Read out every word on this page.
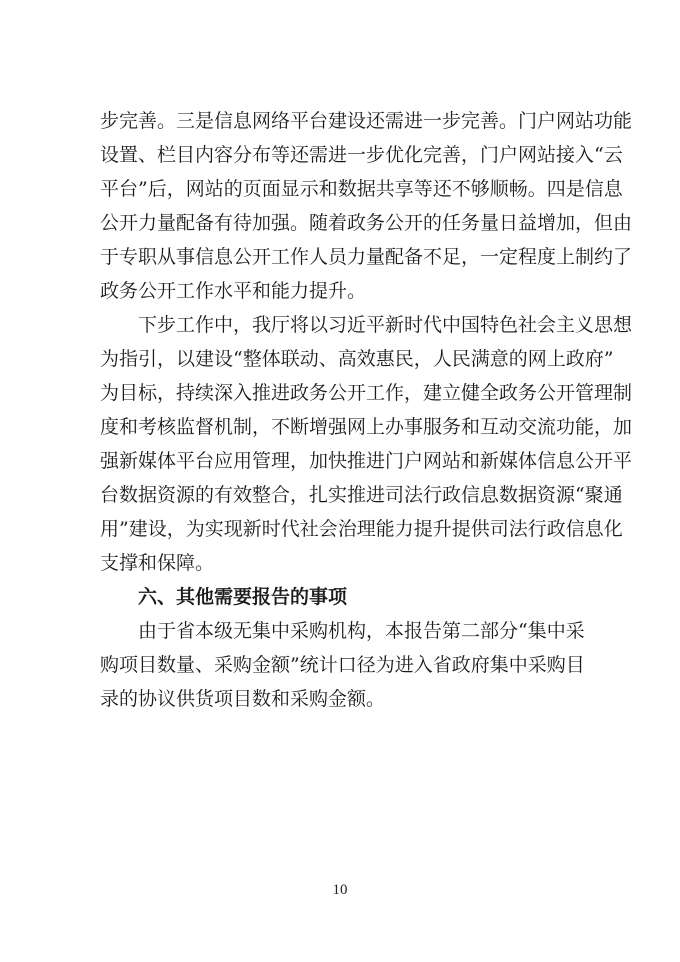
步完善。三是信息网络平台建设还需进一步完善。门户网站功能
设置、栏目内容分布等还需进一步优化完善，门户网站接入“云
平台”后，网站的页面显示和数据共享等还不够顺畅。四是信息
公开力量配备有待加强。随着政务公开的任务量日益增加，但由
于专职从事信息公开工作人员力量配备不足，一定程度上制约了
政务公开工作水平和能力提升。
下步工作中，我厅将以习近平新时代中国特色社会主义思想
为指引，以建设“整体联动、高效惠民，人民满意的网上政府”
为目标，持续深入推进政务公开工作，建立健全政务公开管理制
度和考核监督机制，不断增强网上办事服务和互动交流功能，加
强新媒体平台应用管理，加快推进门户网站和新媒体信息公开平
台数据资源的有效整合，扎实推进司法行政信息数据资源“聚通
用”建设，为实现新时代社会治理能力提升提供司法行政信息化
支撑和保障。
六、其他需要报告的事项
由于省本级无集中采购机构，本报告第二部分“集中采
购项目数量、采购金额”统计口径为进入省政府集中采购目
录的协议供货项目数和采购金额。
10
